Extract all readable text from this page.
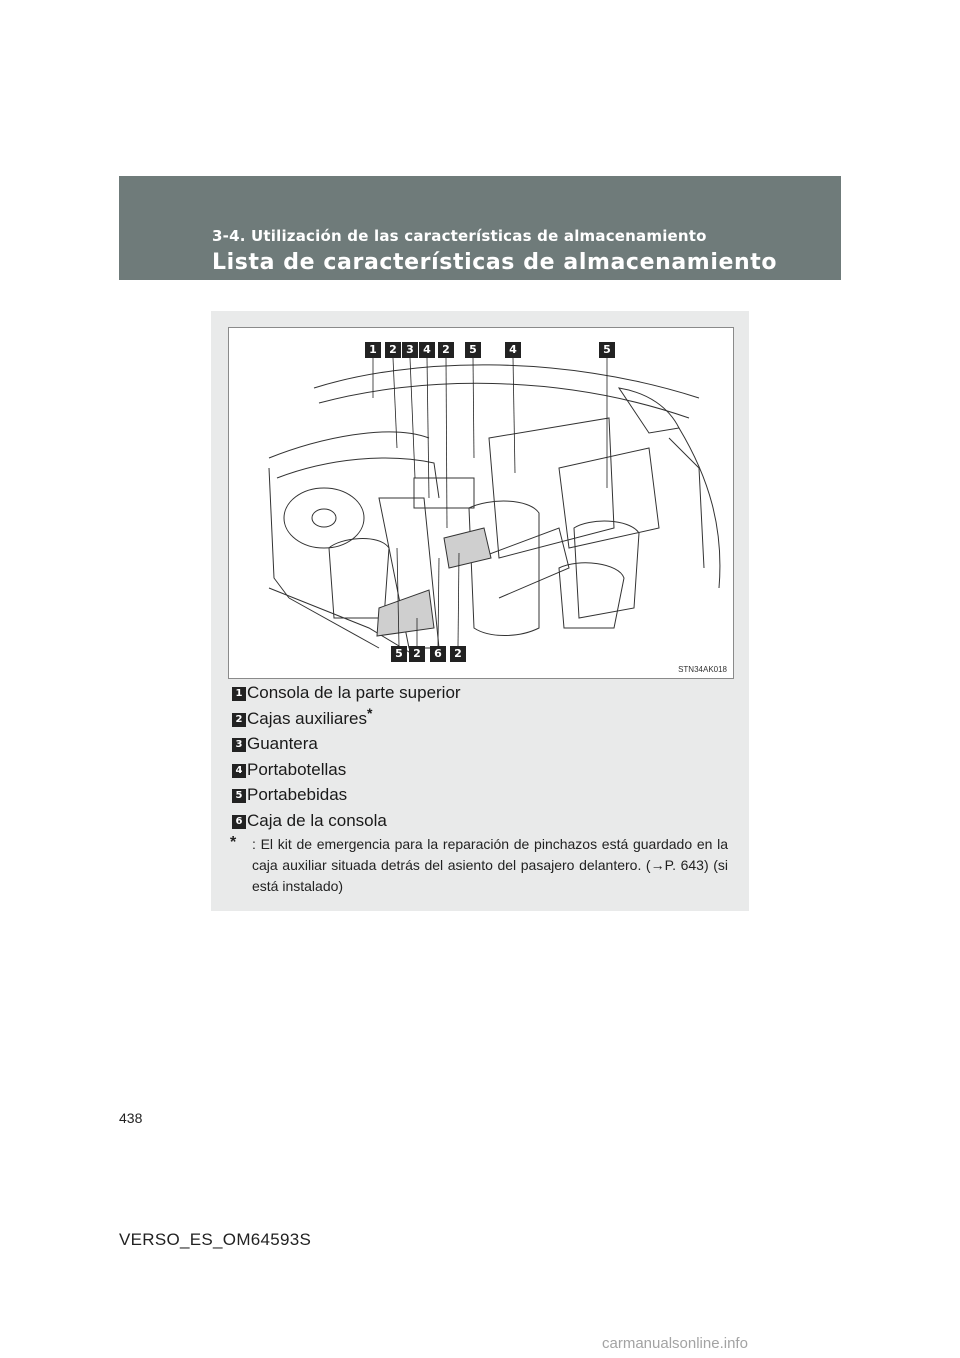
3-4. Utilización de las características de almacenamiento
Lista de características de almacenamiento
1	2 3 4	2	5	4	5
5 2	6	2
STN34AK018
1 Consola de la parte superior
2 Cajas auxiliares*
3 Guantera
4 Portabotellas
5 Portabebidas
6 Caja de la consola
*	: El kit de emergencia para la reparación de pinchazos está guardado en la caja auxiliar situada detrás del asiento del pasajero delantero. (→P. 643) (si está instalado)
438
VERSO_ES_OM64593S
carmanualsonline.info
